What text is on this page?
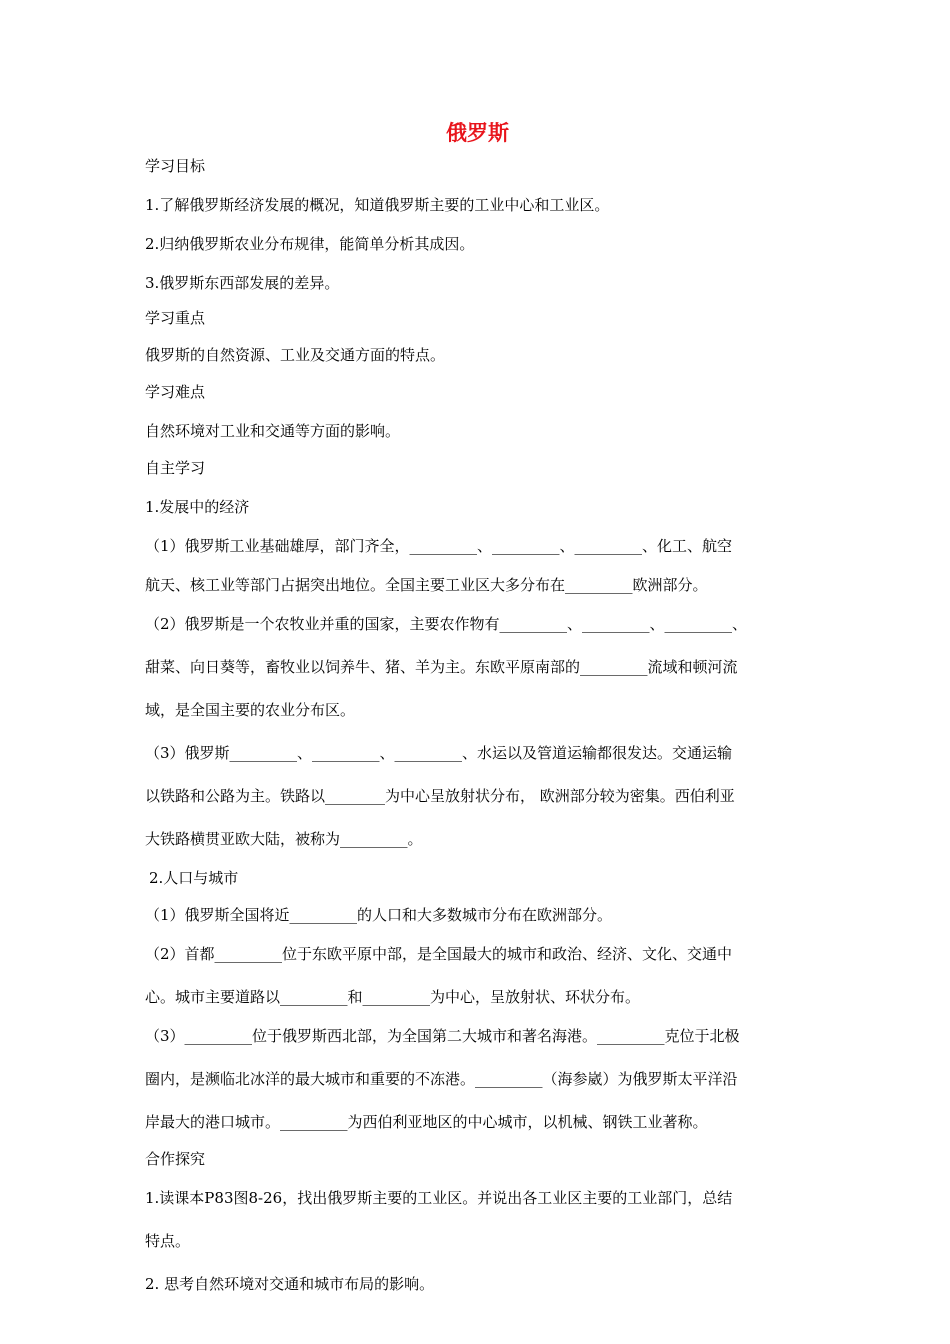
俄罗斯

学习目标

1.了解俄罗斯经济发展的概况，知道俄罗斯主要的工业中心和工业区。

2.归纳俄罗斯农业分布规律，能简单分析其成因。

3.俄罗斯东西部发展的差异。

学习重点

俄罗斯的自然资源、工业及交通方面的特点。

学习难点

自然环境对工业和交通等方面的影响。

自主学习

1.发展中的经济

（1）俄罗斯工业基础雄厚，部门齐全，_________、_________、_________、化工、航空

航天、核工业等部门占据突出地位。全国主要工业区大多分布在_________欧洲部分。

（2）俄罗斯是一个农牧业并重的国家，主要农作物有_________、_________、_________、

甜菜、向日葵等，畜牧业以饲养牛、猪、羊为主。东欧平原南部的_________流域和顿河流

域，是全国主要的农业分布区。

（3）俄罗斯_________、_________、_________、水运以及管道运输都很发达。交通运输

以铁路和公路为主。铁路以________为中心呈放射状分布， 欧洲部分较为密集。西伯利亚

大铁路横贯亚欧大陆，被称为_________。

2.人口与城市

（1）俄罗斯全国将近_________的人口和大多数城市分布在欧洲部分。

（2）首都_________位于东欧平原中部，是全国最大的城市和政治、经济、文化、交通中

心。城市主要道路以_________和_________为中心，呈放射状、环状分布。

（3）_________位于俄罗斯西北部，为全国第二大城市和著名海港。_________克位于北极

圈内，是濒临北冰洋的最大城市和重要的不冻港。_________（海参崴）为俄罗斯太平洋沿

岸最大的港口城市。_________为西伯利亚地区的中心城市，以机械、钢铁工业著称。

合作探究

1.读课本P83图8-26，找出俄罗斯主要的工业区。并说出各工业区主要的工业部门，总结

特点。

2. 思考自然环境对交通和城市布局的影响。
